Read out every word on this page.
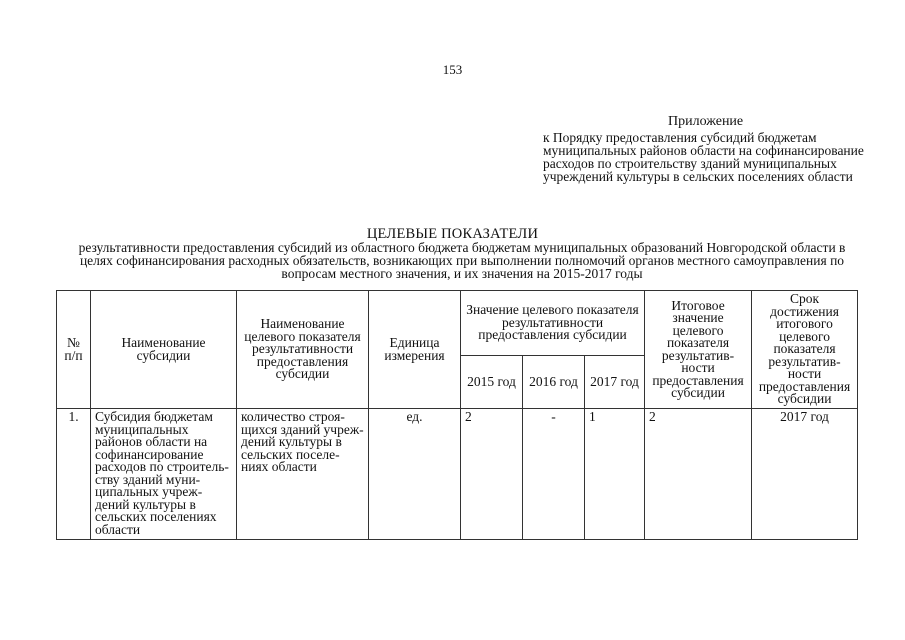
153
Приложение
к Порядку предоставления субсидий бюджетам муниципальных районов области на софинансирование расходов по строительству зданий муниципальных учреждений культуры в сельских поселениях области
ЦЕЛЕВЫЕ ПОКАЗАТЕЛИ
результативности предоставления субсидий из областного бюджета бюджетам муниципальных образований Новгородской области в целях софинансирования расходных обязательств, возникающих при выполнении полномочий органов местного самоуправления по вопросам местного значения, и их значения на 2015-2017 годы
№ п/п	Наименование субсидии	Наименование целевого показателя результативности предоставления субсидии	Единица измерения	Значение целевого показателя результативности предоставления субсидии			Итоговое значение целевого показателя результатив-ности предоставления субсидии	Срок достижения итогового целевого показателя результатив-ности предоставления субсидии
				2015 год	2016 год	2017 год		
1.	Субсидия бюджетам муниципальных районов области на софинансирование расходов по строитель-ству зданий муни-ципальных учреж-дений культуры в сельских поселениях области	количество строя-щихся зданий учреж-дений культуры в сельских поселе-ниях области	ед.	2	-	1	2	2017 год
